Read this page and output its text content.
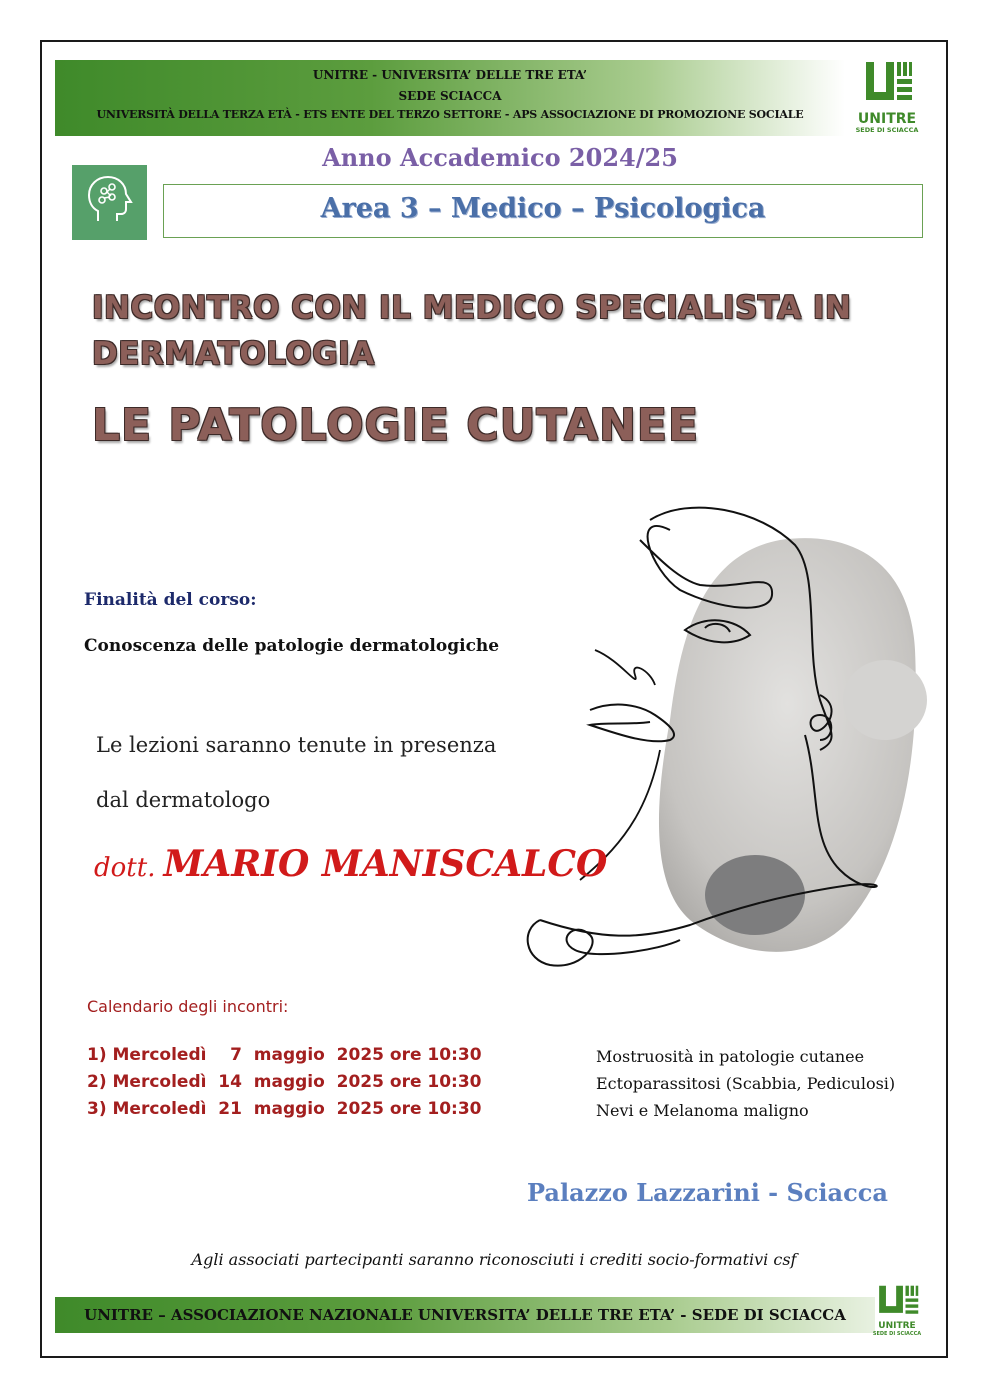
UNITRE - UNIVERSITA’ DELLE TRE ETA’
SEDE SCIACCA
UNIVERSITÀ DELLA TERZA ETÀ - ETS ENTE DEL TERZO SETTORE - APS ASSOCIAZIONE DI PROMOZIONE SOCIALE	UNITRE
SEDE DI SCIACCA
Anno Accademico 2024/25
Area 3 – Medico – Psicologica
INCONTRO CON IL MEDICO SPECIALISTA IN
DERMATOLOGIA
LE PATOLOGIE CUTANEE
Finalità del corso:
Conoscenza delle patologie dermatologiche
Le lezioni saranno tenute in presenza
dal dermatologo
dott. MARIO MANISCALCO
Calendario degli incontri:
1) Mercoledì    7  maggio  2025 ore 10:30
2) Mercoledì  14  maggio  2025 ore 10:30
3) Mercoledì  21  maggio  2025 ore 10:30
Mostruosità in patologie cutanee
Ectoparassitosi (Scabbia, Pediculosi)
Nevi e Melanoma maligno
Palazzo Lazzarini - Sciacca
Agli associati partecipanti saranno riconosciuti i crediti socio-formativi csf
UNITRE – ASSOCIAZIONE NAZIONALE UNIVERSITA’ DELLE TRE ETA’ - SEDE DI SCIACCA
UNITRE
SEDE DI SCIACCA
